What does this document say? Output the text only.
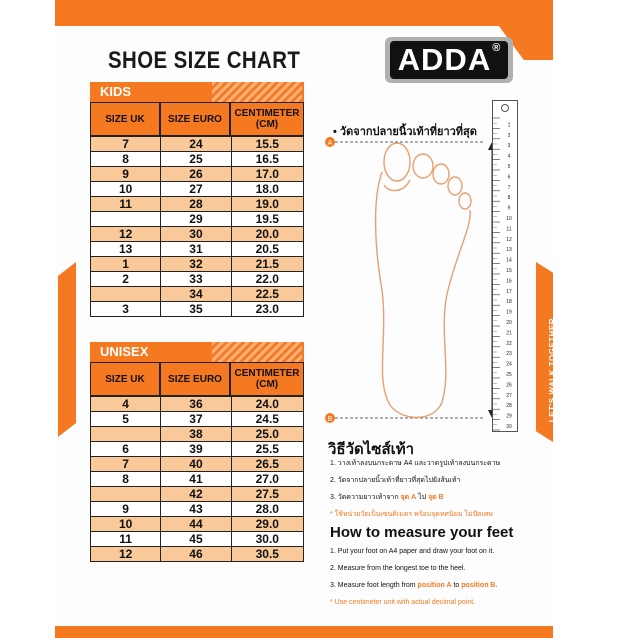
SHOE SIZE CHART	ADDA®
LET'S WALK TOGETHER
KIDS
SIZE UK	SIZE EURO	CENTIMETER (CM)
7	24	15.5
8	25	16.5
9	26	17.0
10	27	18.0
11	28	19.0
	29	19.5
12	30	20.0
13	31	20.5
1	32	21.5
2	33	22.0
	34	22.5
3	35	23.0
UNISEX
SIZE UK	SIZE EURO	CENTIMETER (CM)
4	36	24.0
5	37	24.5
	38	25.0
6	39	25.5
7	40	26.5
8	41	27.0
	42	27.5
9	43	28.0
10	44	29.0
11	45	30.0
12	46	30.5
• วัดจากปลายนิ้วเท้าที่ยาวที่สุด
A
B
1
2
3
4
5
6
7
8
9
10
11
12
13
14
15
16
17
18
19
20
21
22
23
24
25
26
27
28
29
30
วิธีวัดไซส์เท้า
1. วางเท้าลงบนกระดาษ A4 และวาดรูปเท้าลงบนกระดาษ
2. วัดจากปลายนิ้วเท้าที่ยาวที่สุดไปยังส้นเท้า
3. วัดความยาวเท้าจาก จุด A ไป จุด B
* ใช้หน่วยวัดเป็นเซนติเมตร พร้อมจุดทศนิยม ไม่ปัดเศษ
How to measure your feet
1. Put your foot on A4 paper and draw your foot on it.
2. Measure from the longest toe to the heel.
3. Measure foot length from position A to position B.
* Use centimeter unit with actual decimal point.
